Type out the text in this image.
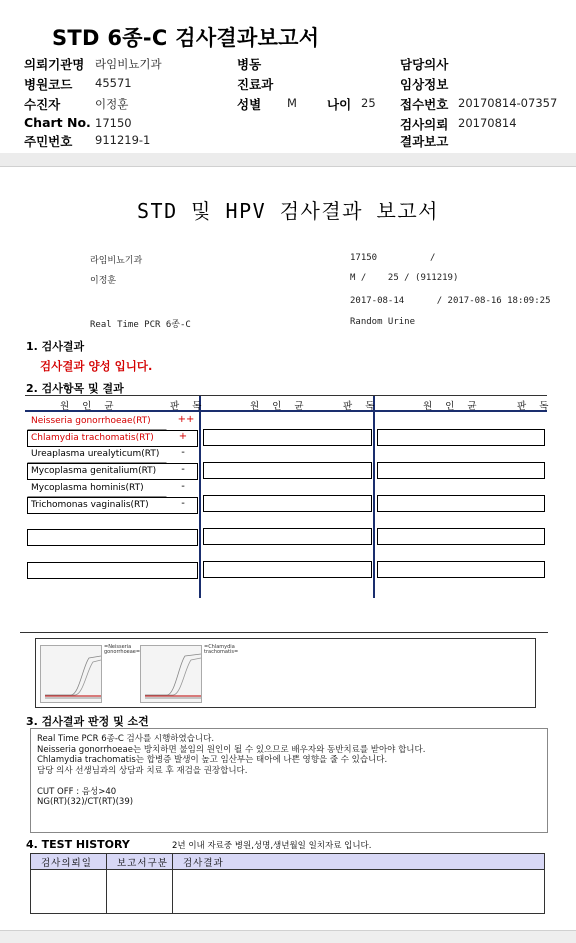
STD 6종-C 검사결과보고서
의뢰기관명 라임비뇨기과	병동	담당의사
병원코드 45571	진료과	임상정보
수진자	이정훈	성별 M 나이 25 접수번호 20170814-07357
Chart No. 17150	검사의뢰 20170814
주민번호 911219-1	결과보고
STD 및 HPV 검사결과 보고서
라임비뇨기과	17150	/
이정훈	M /    25 / (911219)
2017-08-14      / 2017-08-16 18:09:25
Real Time PCR 6종-C	Random Urine
1. 검사결과
검사결과 양성 입니다.
2. 검사항목 및 결과
원 인 균	판 독	원 인 균	판 독	원 인 균	판 독
Neisseria gonorrhoeae(RT)	++
Chlamydia trachomatis(RT)	+
Ureaplasma urealyticum(RT)	-
Mycoplasma genitalium(RT)	-
Mycoplasma hominis(RT)	-
Trichomonas vaginalis(RT)	-
=Neisseria gonorrhoeae=
=Chlamydia trachomatis=
3. 검사결과 판정 및 소견
Real Time PCR 6종-C 검사를 시행하였습니다.
Neisseria gonorrhoeae는 방치하면 불임의 원인이 될 수 있으므로 배우자와 동반치료를 받아야 합니다.
Chlamydia trachomatis는 합병증 발생이 높고 임산부는 태아에 나쁜 영향을 줄 수 있습니다.
담당 의사 선생님과의 상담과 치료 후 재검을 권장합니다.
CUT OFF : 음성>40
NG(RT)(32)/CT(RT)(39)
4. TEST HISTORY	2년 이내 자료중 병원,성명,생년월일 일치자료 입니다.
검사의뢰일	보고서구분	검사결과
